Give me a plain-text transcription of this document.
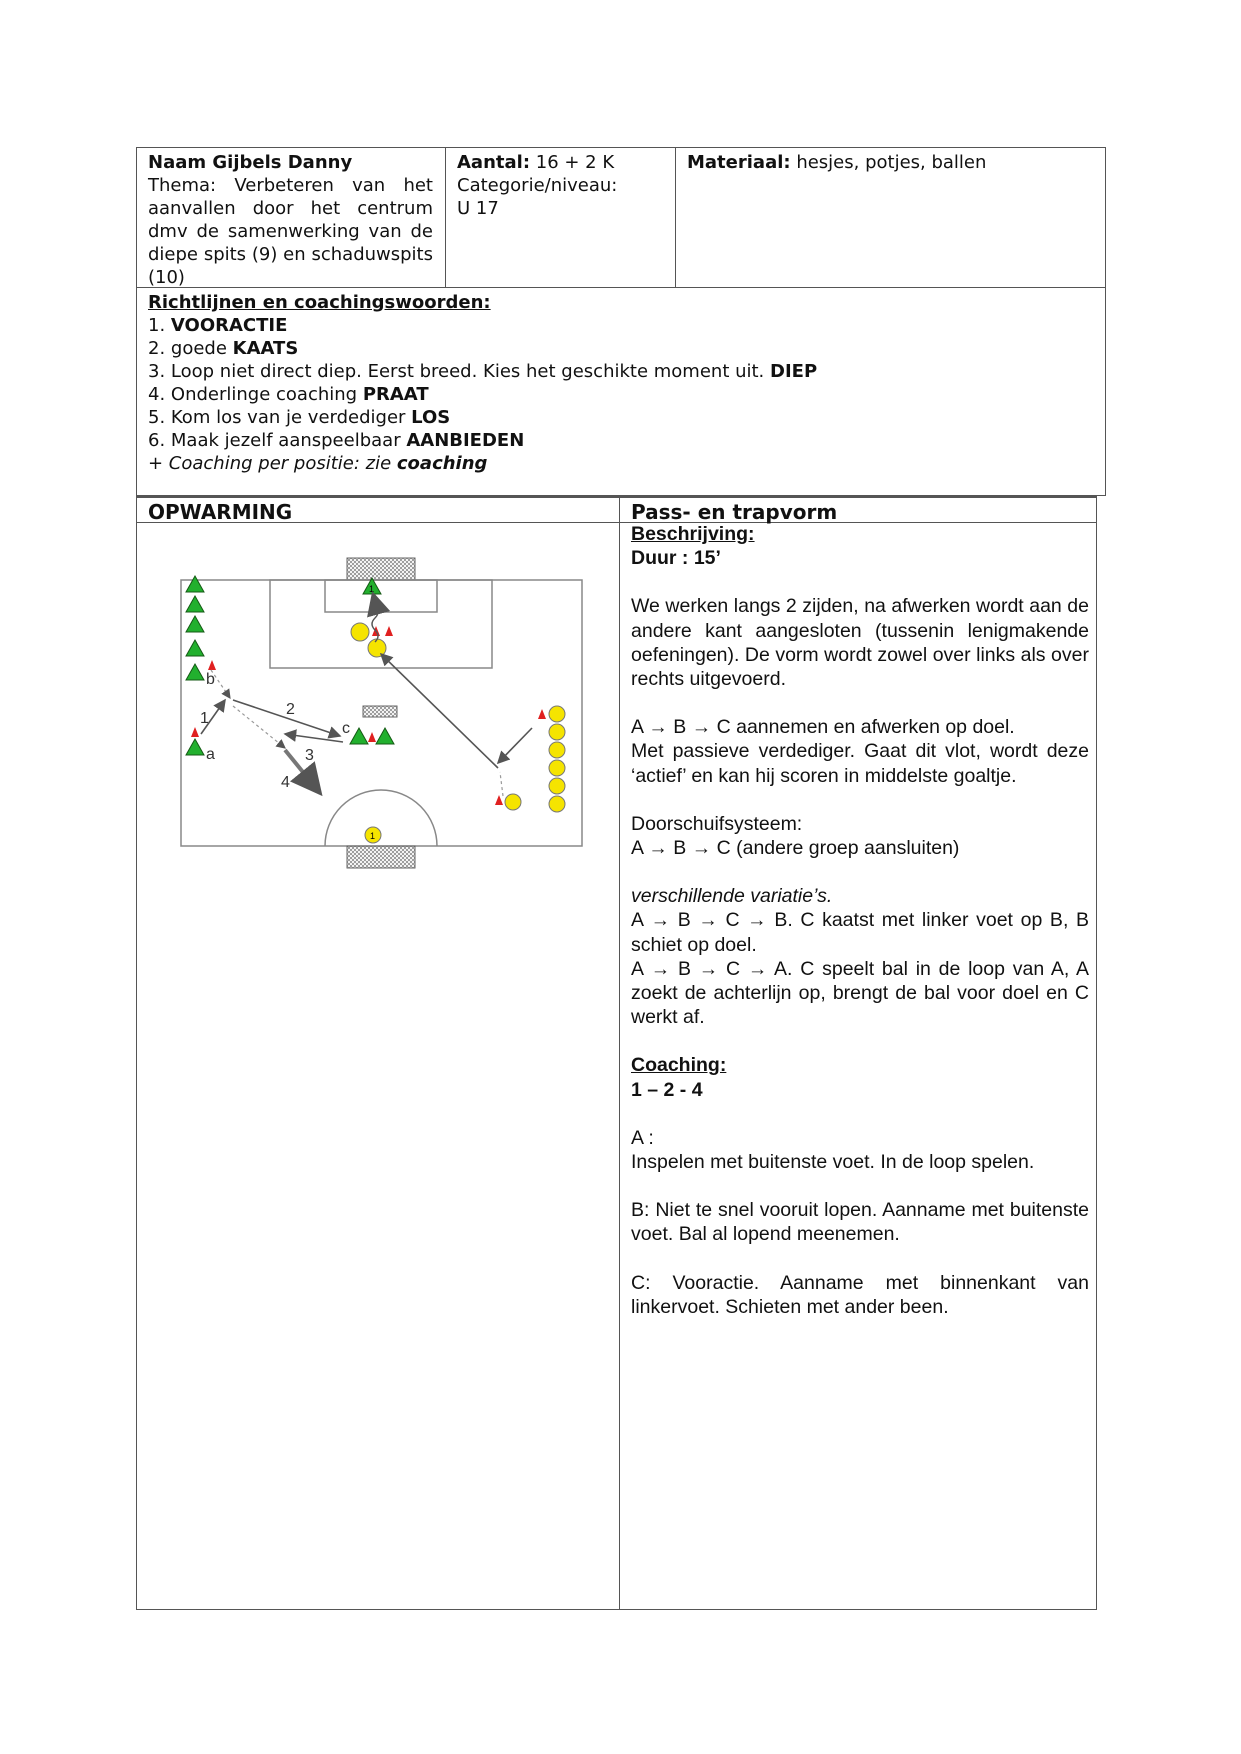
Naam Gijbels Danny
Thema: Verbeteren van het aanvallen door het centrum dmv de samenwerking van de diepe spits (9) en schaduwspits (10)
Aantal: 16 + 2 K
Categorie/niveau:
U 17
Materiaal: hesjes, potjes, ballen
Richtlijnen en coachingswoorden:
1. VOORACTIE
2. goede KAATS
3. Loop niet direct diep. Eerst breed. Kies het geschikte moment uit. DIEP
4. Onderlinge coaching PRAAT
5. Kom los van je verdediger LOS
6. Maak jezelf aanspeelbaar AANBIEDEN
+ Coaching per positie: zie coaching
OPWARMING	Pass- en trapvorm

Beschrijving:

Duur : 15’

We werken langs 2 zijden, na afwerken wordt aan de andere kant aangesloten (tussenin lenigmakende oefeningen). De vorm wordt zowel over links als over rechts uitgevoerd.

A → B → C aannemen en afwerken op doel.

Met passieve verdediger. Gaat dit vlot, wordt deze ‘actief’ en kan hij scoren in middelste goaltje.

Doorschuifsysteem:

A → B → C (andere groep aansluiten)

verschillende variatie’s.

A → B → C → B. C kaatst met linker voet op B, B schiet op doel.

A → B → C → A. C speelt bal in de loop van A, A zoekt de achterlijn op, brengt de bal voor doel en C werkt af.

Coaching:

1 – 2 - 4

A :

Inspelen met buitenste voet. In de loop spelen.

B: Niet te snel vooruit lopen. Aanname met buitenste voet. Bal al lopend meenemen.

C: Vooractie. Aanname met binnenkant van linkervoet. Schieten met ander been.

b
a
c
1
1
1
2
3
4
